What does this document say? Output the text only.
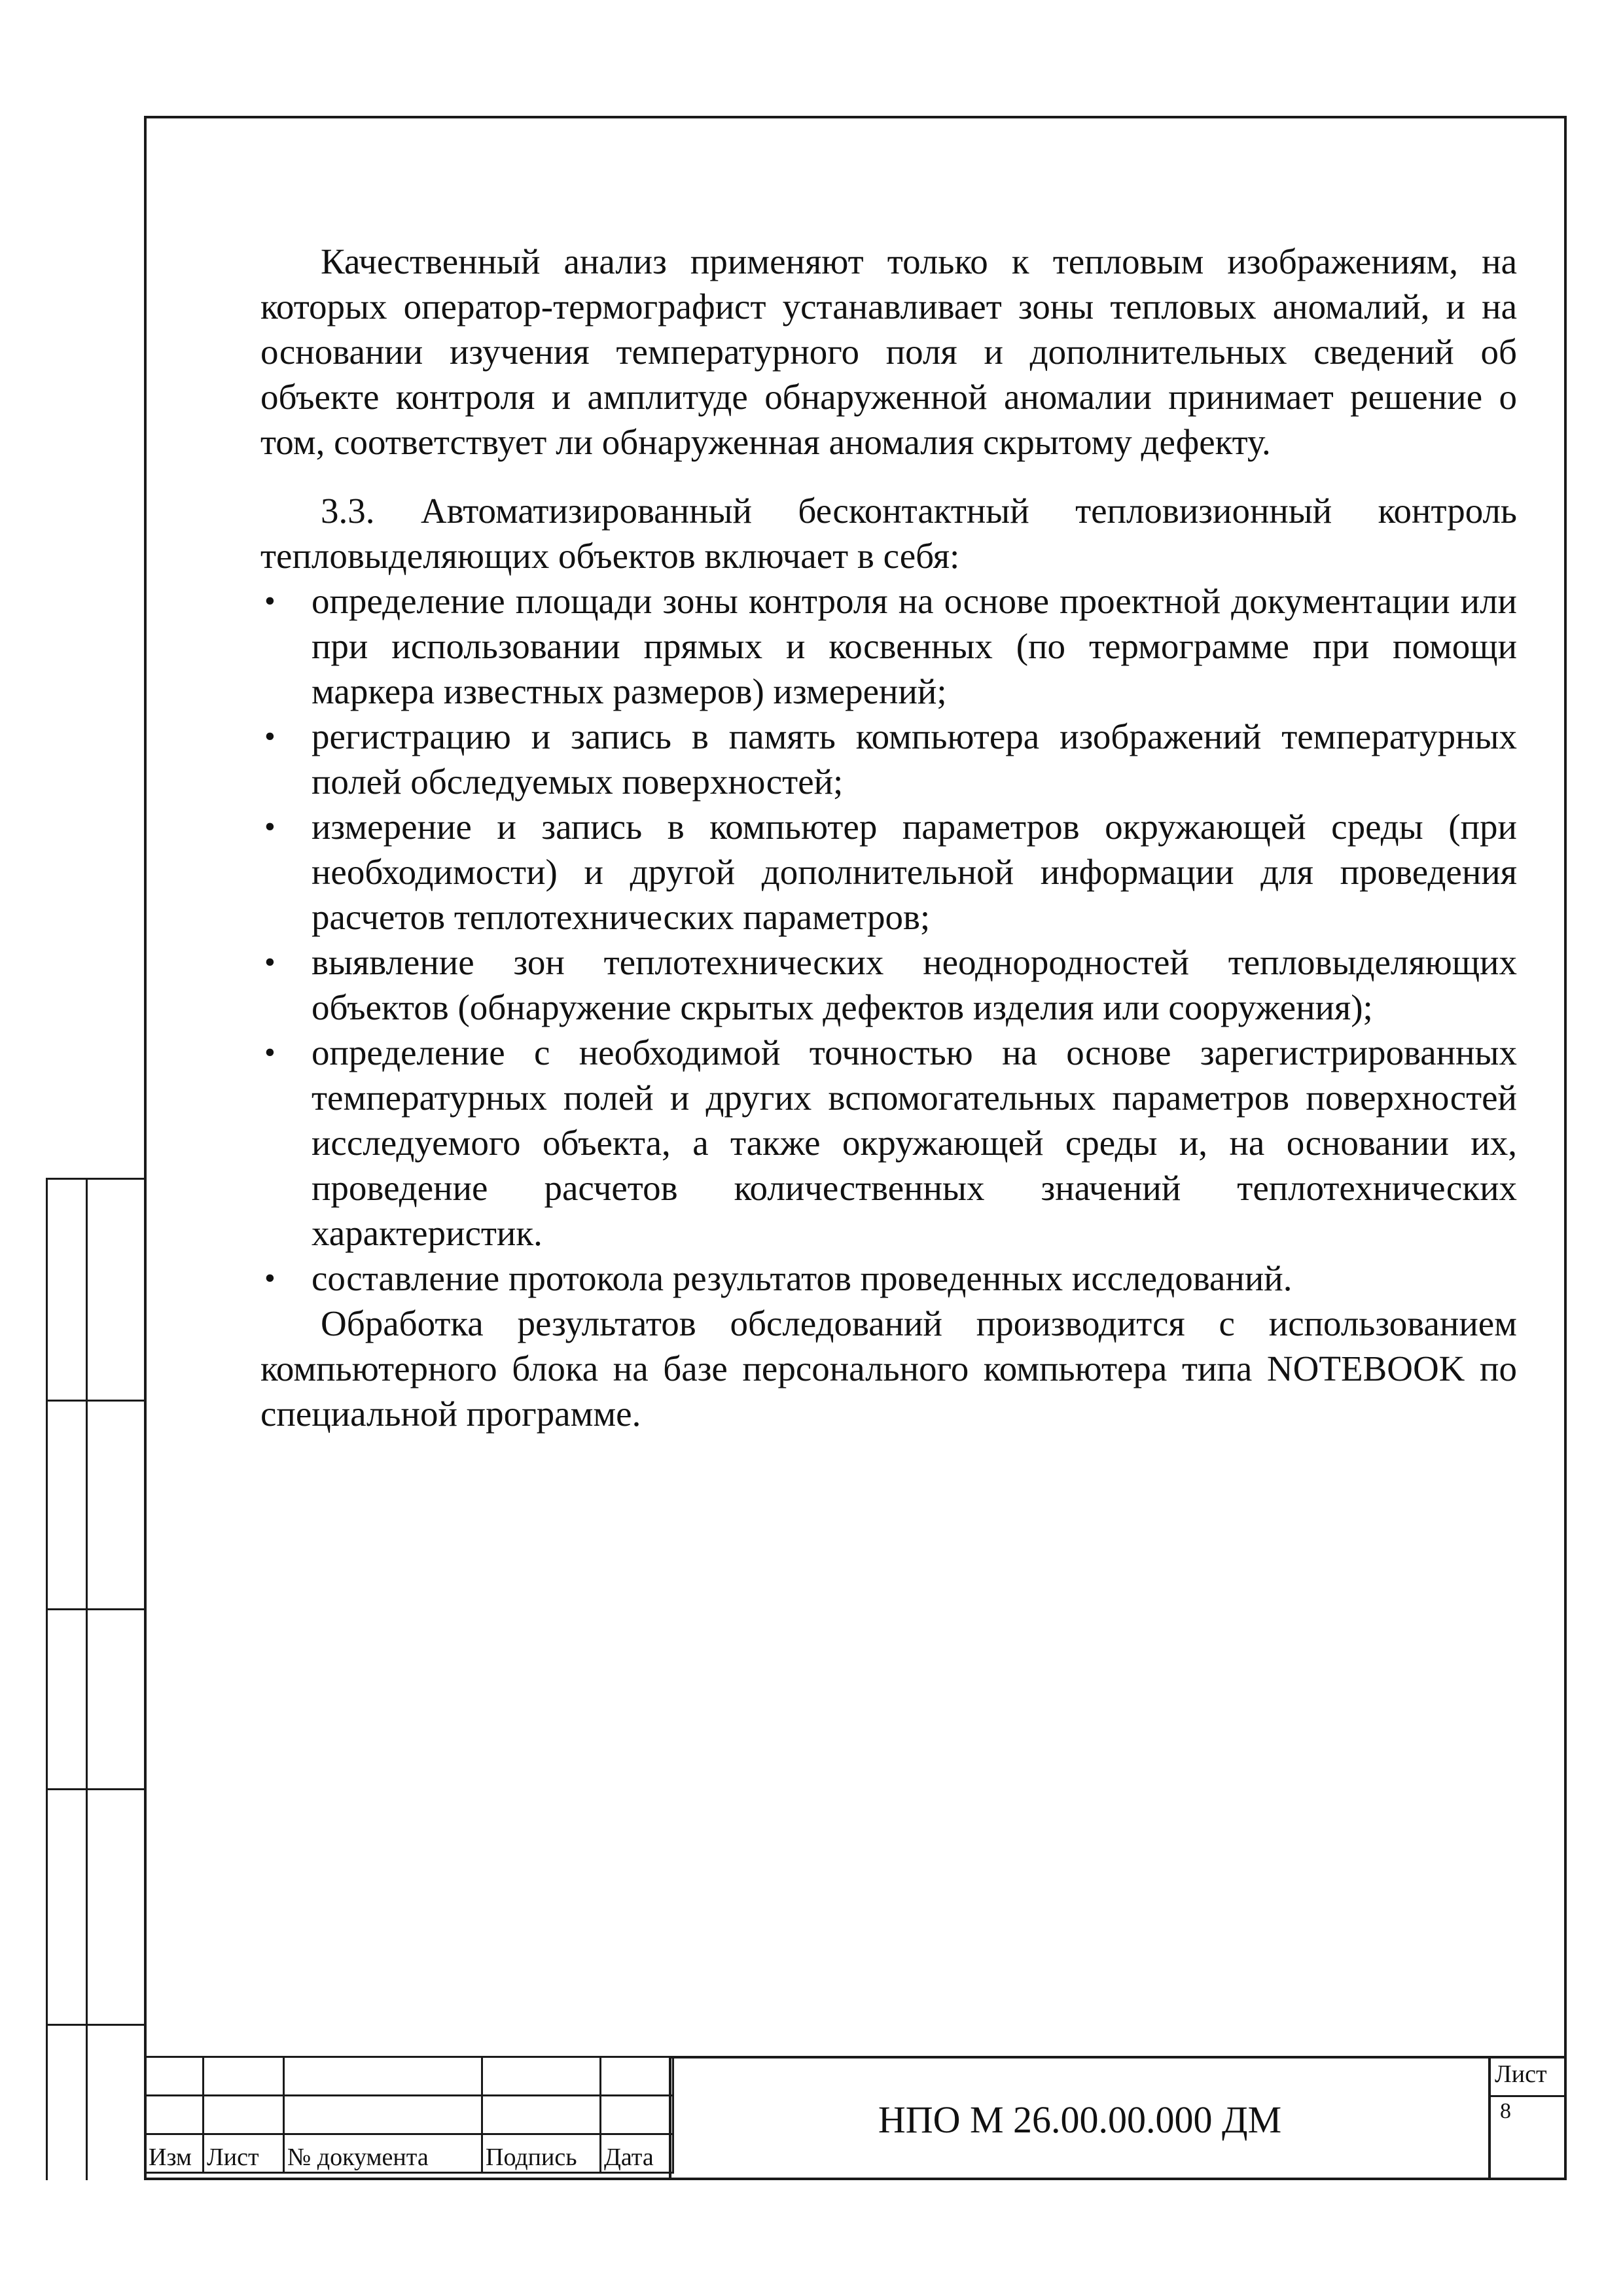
Качественный анализ применяют только к тепловым изображениям, на которых оператор-термографист устанавливает зоны тепловых аномалий, и на основании изучения температурного поля и дополнительных сведений об объекте контроля и амплитуде обнаруженной аномалии принимает решение о том, соответствует ли обнаруженная аномалия скрытому дефекту.

3.3. Автоматизированный бесконтактный тепловизионный контроль тепловыделяющих объектов включает в себя:

• определение площади зоны контроля на основе проектной документации или при использовании прямых и косвенных (по термограмме при помощи маркера известных размеров) измерений;
• регистрацию и запись в память компьютера изображений температурных полей обследуемых поверхностей;
• измерение и запись в компьютер параметров окружающей среды (при необходимости) и другой дополнительной информации для проведения расчетов теплотехнических параметров;
• выявление зон теплотехнических неоднородностей тепловыделяющих объектов (обнаружение скрытых дефектов изделия или сооружения);
• определение с необходимой точностью на основе зарегистрированных температурных полей и других вспомогательных параметров поверхностей исследуемого объекта, а также окружающей среды и, на основании их, проведение расчетов количественных значений теплотехнических характеристик.
• составление протокола результатов проведенных исследований.

Обработка результатов обследований производится с использованием компьютерного блока на базе персонального компьютера типа NOTEBOOK по специальной программе.

Изм	Лист	№ документа	Подпись	Дата
НПО М 26.00.00.000 ДМ
Лист
8
